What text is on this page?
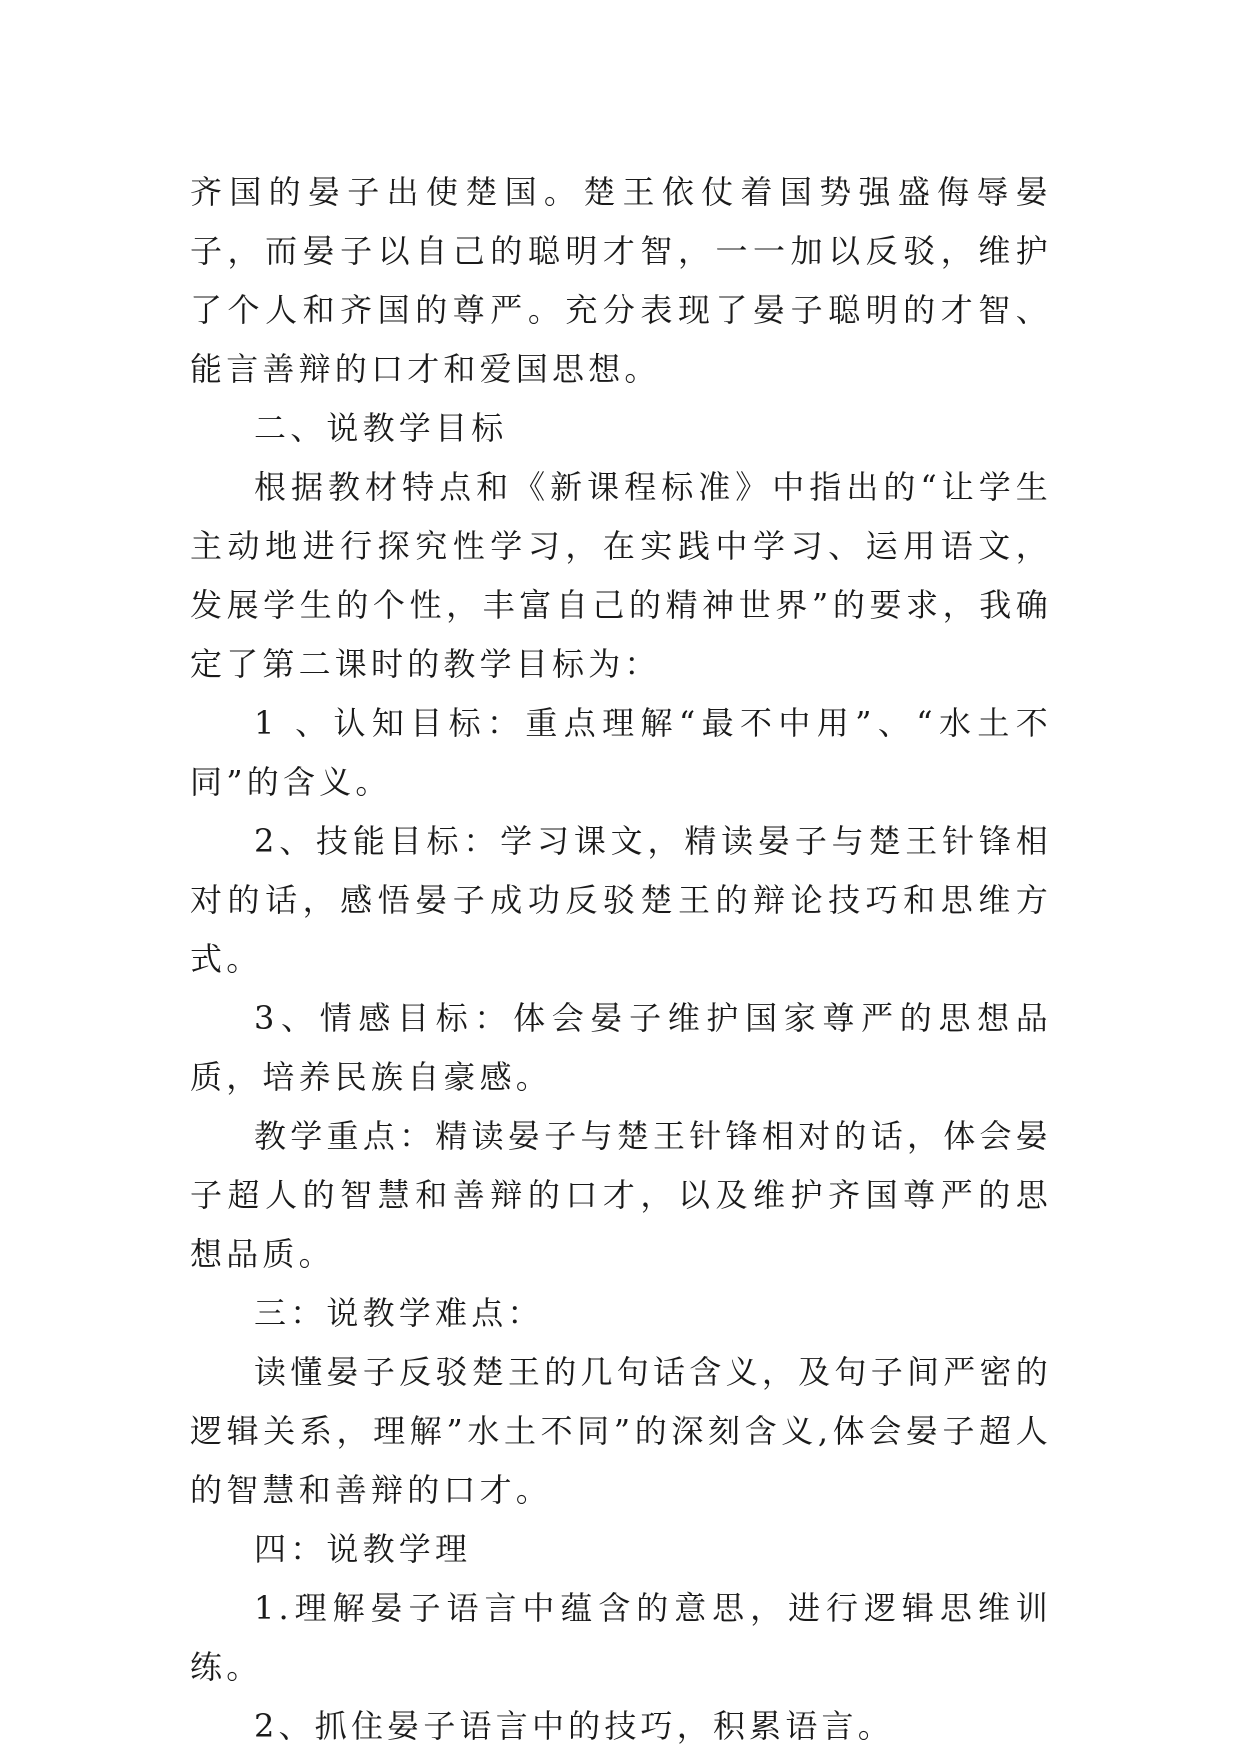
齐国的晏子出使楚国。楚王依仗着国势强盛侮辱晏子，而晏子以自己的聪明才智，一一加以反驳，维护了个人和齐国的尊严。充分表现了晏子聪明的才智、能言善辩的口才和爱国思想。

二、说教学目标

根据教材特点和《新课程标准》中指出的“让学生主动地进行探究性学习，在实践中学习、运用语文，发展学生的个性，丰富自己的精神世界”的要求，我确定了第二课时的教学目标为：

1 、认知目标：重点理解“最不中用”、“水土不同”的含义。

2、技能目标：学习课文，精读晏子与楚王针锋相对的话，感悟晏子成功反驳楚王的辩论技巧和思维方式。

3、情感目标：体会晏子维护国家尊严的思想品质，培养民族自豪感。

教学重点：精读晏子与楚王针锋相对的话，体会晏子超人的智慧和善辩的口才，以及维护齐国尊严的思想品质。

三：说教学难点：

读懂晏子反驳楚王的几句话含义，及句子间严密的逻辑关系，理解”水土不同”的深刻含义,体会晏子超人的智慧和善辩的口才。

四：说教学理

1.理解晏子语言中蕴含的意思，进行逻辑思维训练。

2、抓住晏子语言中的技巧，积累语言。
